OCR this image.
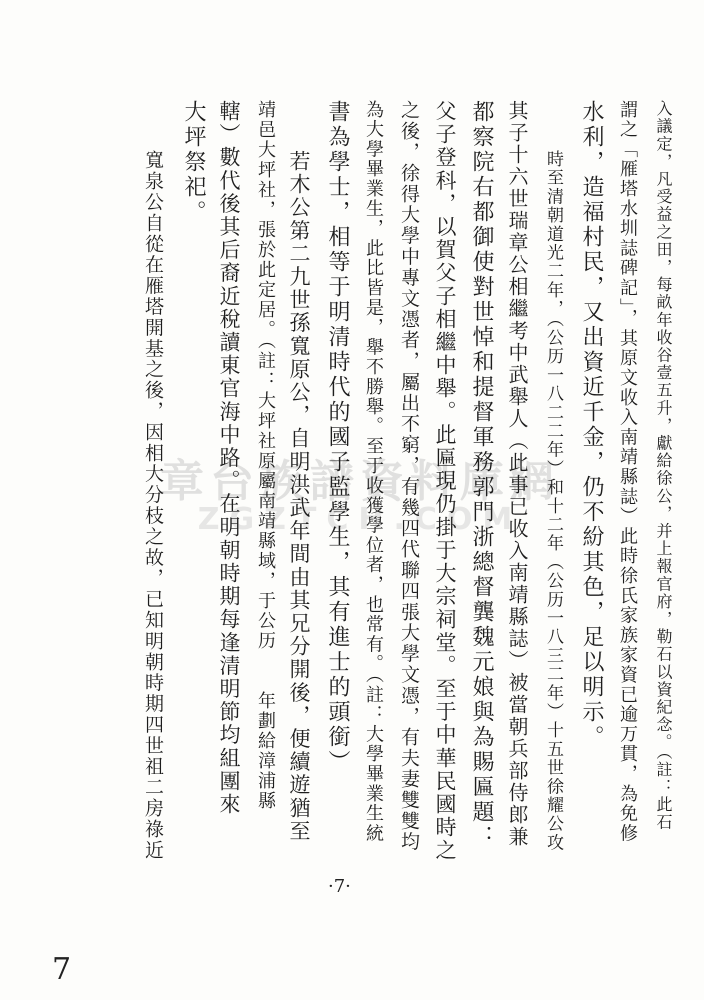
章台族譜資料庫網
ZGZTCH.COM	入議定，凡受益之田，每畝年收谷壹五升，獻給徐公，并上報官府，勒石以資紀念。（註：此石
謂之「雁塔水圳誌碑記」，其原文收入南靖縣誌）此時徐氏家族家資已逾万貫，為免修
水利，造福村民，又出資近千金，仍不紛其色，足以明示。
時至清朝道光二年，（公历一八二二年）和十二年（公历一八三二年）十五世徐耀公攻
其子十六世瑞章公相繼考中武舉人（此事已收入南靖縣誌）被當朝兵部侍郎兼
都察院右都御使對世悼和提督軍務郭門浙總督龔魏元娘與為賜匾題：
父子登科，以賀父子相繼中舉。此匾現仍掛于大宗祠堂。至于中華民國時之
之後，徐得大學中專文憑者，屬出不窮，有幾四代聯四張大學文憑，有夫妻雙雙均
為大學畢業生，此比皆是，舉不勝舉。至于收獲學位者，也常有。（註：大學畢業生統
書為學士，相等于明清時代的國子監學生，其有進士的頭銜）
若木公第二九世孫寬原公，自明洪武年間由其兄分開後，便續遊猶至
靖邑大坪社，張於此定居。（註：大坪社原屬南靖縣域，于公历　　年劃給漳浦縣
轄）數代後其后裔近稅讀東官海中路。在明朝時期每逢清明節均組團來
大坪祭祀。
寬泉公自從在雁塔開基之後，因相大分枝之故，已知明朝時期四世祖二房祿近
·7·
7
